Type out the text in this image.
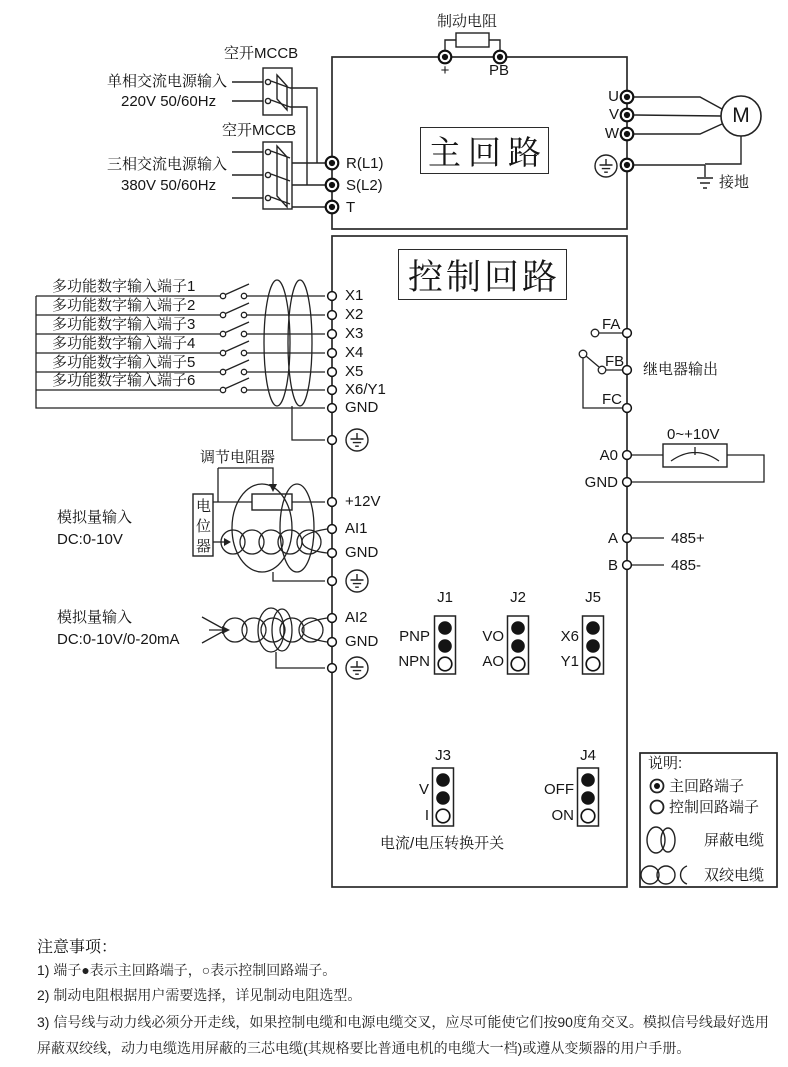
主回路
控制回路
制动电阻
+	PB
空开MCCB
单相交流电源输入
220V 50/60Hz
空开MCCB
三相交流电源输入
380V 50/60Hz
R(L1)
S(L2)
T
U
V
W
M
接地
多功能数字输入端子1
多功能数字输入端子2
多功能数字输入端子3
多功能数字输入端子4
多功能数字输入端子5
多功能数字输入端子6
X1
X2
X3
X4
X5
X6/Y1
GND
调节电阻器
电位器
模拟量输入
DC:0-10V
+12V
AI1
GND
模拟量输入
DC:0-10V/0-20mA
AI2
GND
FA
FB
FC
继电器输出
A0
0~+10V
GND
A	485+
B	485-
J1	J2	J5
PNP
NPN
VO
AO
X6
Y1
J3	J4
V
I
OFF
ON
电流/电压转换开关
说明:
主回路端子
控制回路端子
屏蔽电缆
双绞电缆
注意事项：
1) 端子●表示主回路端子，○表示控制回路端子。
2) 制动电阻根据用户需要选择，详见制动电阻选型。
3) 信号线与动力线必须分开走线，如果控制电缆和电源电缆交叉，应尽可能使它们按90度角交叉。模拟信号线最好选用屏蔽双绞线，动力电缆选用屏蔽的三芯电缆(其规格要比普通电机的电缆大一档)或遵从变频器的用户手册。
